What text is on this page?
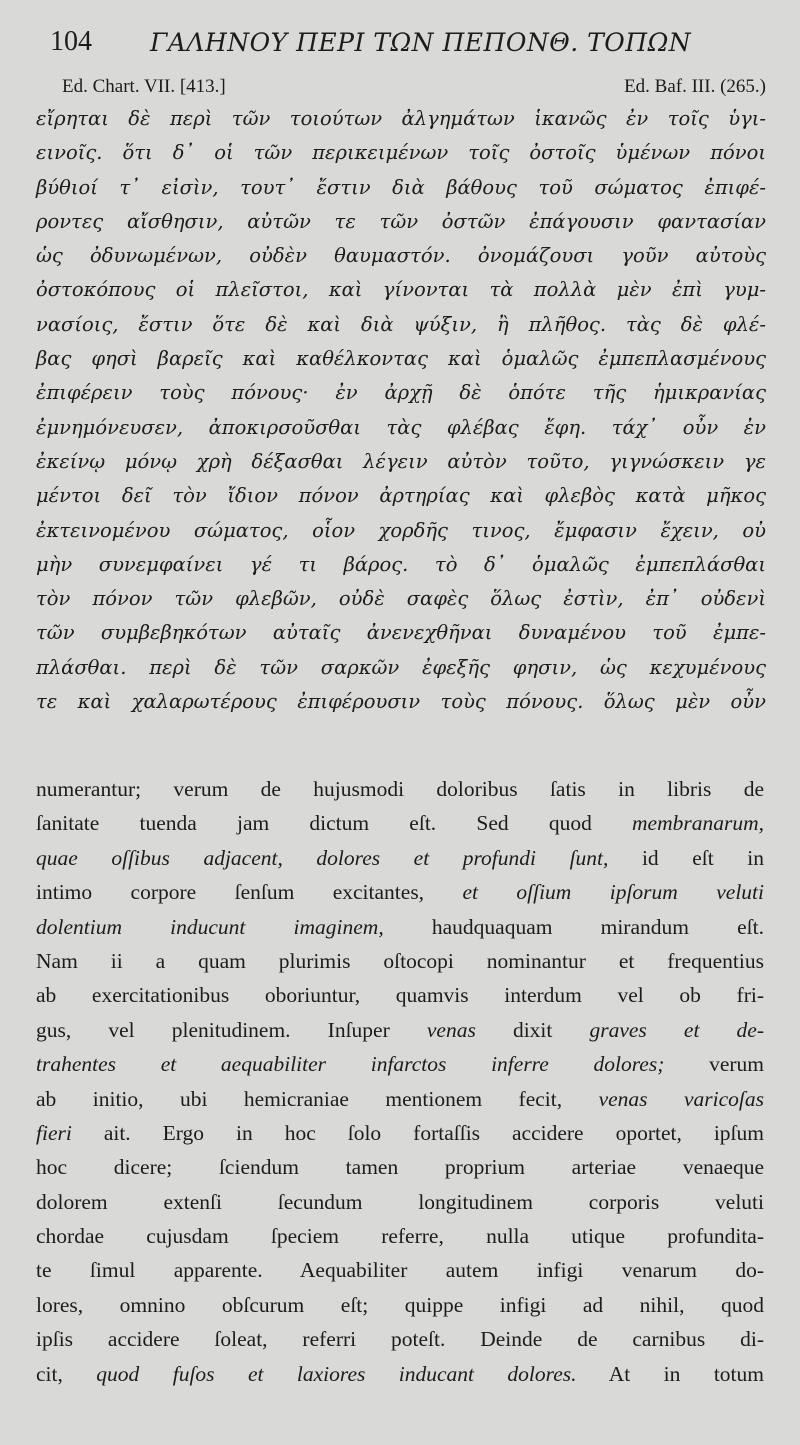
104 ΓΑΛΗΝΟΥ ΠΕΡΙ ΤΩΝ ΠΕΠΟΝΘ. ΤΟΠΩΝ
Ed. Chart. VII. [413.]	Ed. Baf. III. (265.)
εἴρηται δὲ περὶ τῶν τοιούτων ἀλγημάτων ἱκανῶς ἐν τοῖς ὑγι-
εινοῖς. ὅτι δ᾽ οἱ τῶν περικειμένων τοῖς ὀστοῖς ὑμένων πόνοι
βύθιοί τ᾽ εἰσὶν, τουτ᾽ ἔστιν διὰ βάθους τοῦ σώματος ἐπιφέ-
ροντες αἴσθησιν, αὐτῶν τε τῶν ὀστῶν ἐπάγουσιν φαντασίαν
ὡς ὀδυνωμένων, οὐδὲν θαυμαστόν. ὀνομάζουσι γοῦν αὐτοὺς
ὀστοκόπους οἱ πλεῖστοι, καὶ γίνονται τὰ πολλὰ μὲν ἐπὶ γυμ-
νασίοις, ἔστιν ὅτε δὲ καὶ διὰ ψύξιν, ἢ πλῆθος. τὰς δὲ φλέ-
βας φησὶ βαρεῖς καὶ καθέλκοντας καὶ ὁμαλῶς ἐμπεπλασμένους
ἐπιφέρειν τοὺς πόνους· ἐν ἀρχῇ δὲ ὁπότε τῆς ἡμικρανίας
ἐμνημόνευσεν, ἀποκιρσοῦσθαι τὰς φλέβας ἔφη. τάχ᾽ οὖν ἐν
ἐκείνῳ μόνῳ χρὴ δέξασθαι λέγειν αὐτὸν τοῦτο, γιγνώσκειν γε
μέντοι δεῖ τὸν ἴδιον πόνον ἀρτηρίας καὶ φλεβὸς κατὰ μῆκος
ἐκτεινομένου σώματος, οἷον χορδῆς τινος, ἔμφασιν ἔχειν, οὐ
μὴν συνεμφαίνει γέ τι βάρος. τὸ δ᾽ ὁμαλῶς ἐμπεπλάσθαι
τὸν πόνον τῶν φλεβῶν, οὐδὲ σαφὲς ὅλως ἐστὶν, ἐπ᾽ οὐδενὶ
τῶν συμβεβηκότων αὐταῖς ἀνενεχθῆναι δυναμένου τοῦ ἐμπε-
πλάσθαι. περὶ δὲ τῶν σαρκῶν ἐφεξῆς φησιν, ὡς κεχυμένους
τε καὶ χαλαρωτέρους ἐπιφέρουσιν τοὺς πόνους. ὅλως μὲν οὖν
numerantur; verum de hujusmodi doloribus ſatis in libris de
ſanitate tuenda jam dictum eſt. Sed quod membranarum,
quae oſſibus adjacent, dolores et profundi ſunt, id eſt in
intimo corpore ſenſum excitantes, et oſſium ipſorum veluti
dolentium inducunt imaginem, haudquaquam mirandum eſt.
Nam ii a quam plurimis oſtocopi nominantur et frequentius
ab exercitationibus oboriuntur, quamvis interdum vel ob fri-
gus, vel plenitudinem. Inſuper venas dixit graves et de-
trahentes et aequabiliter infarctos inferre dolores; verum
ab initio, ubi hemicraniae mentionem fecit, venas varicoſas
fieri ait. Ergo in hoc ſolo fortaſſis accidere oportet, ipſum
hoc dicere; ſciendum tamen proprium arteriae venaeque
dolorem extenſi ſecundum longitudinem corporis veluti
chordae cujusdam ſpeciem referre, nulla utique profundita-
te ſimul apparente. Aequabiliter autem infigi venarum do-
lores, omnino obſcurum eſt; quippe infigi ad nihil, quod
ipſis accidere ſoleat, referri poteſt. Deinde de carnibus di-
cit, quod fuſos et laxiores inducant dolores. At in totum
